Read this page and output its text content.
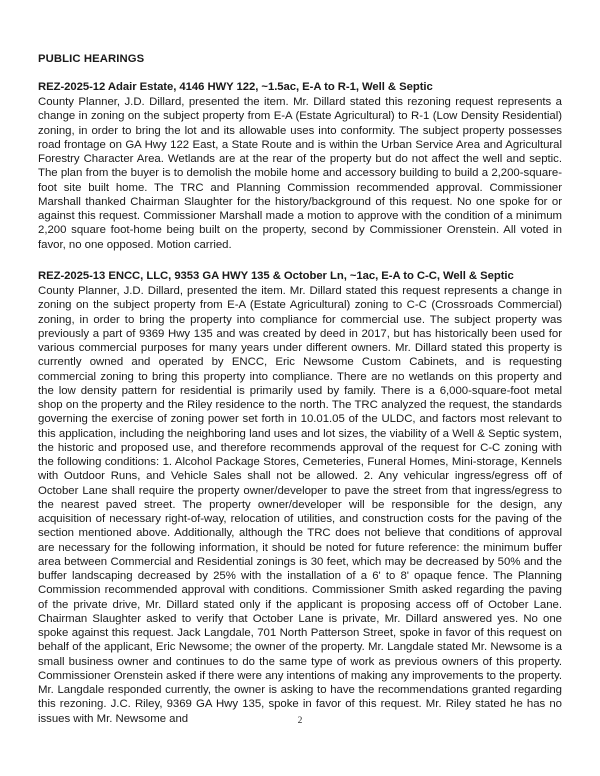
PUBLIC HEARINGS
REZ-2025-12 Adair Estate, 4146 HWY 122, ~1.5ac, E-A to R-1, Well & Septic

County Planner, J.D. Dillard, presented the item. Mr. Dillard stated this rezoning request represents a change in zoning on the subject property from E-A (Estate Agricultural) to R-1 (Low Density Residential) zoning, in order to bring the lot and its allowable uses into conformity. The subject property possesses road frontage on GA Hwy 122 East, a State Route and is within the Urban Service Area and Agricultural Forestry Character Area. Wetlands are at the rear of the property but do not affect the well and septic. The plan from the buyer is to demolish the mobile home and accessory building to build a 2,200-square-foot site built home. The TRC and Planning Commission recommended approval. Commissioner Marshall thanked Chairman Slaughter for the history/background of this request. No one spoke for or against this request. Commissioner Marshall made a motion to approve with the condition of a minimum 2,200 square foot-home being built on the property, second by Commissioner Orenstein. All voted in favor, no one opposed. Motion carried.

REZ-2025-13 ENCC, LLC, 9353 GA HWY 135 & October Ln, ~1ac, E-A to C-C, Well & Septic

County Planner, J.D. Dillard, presented the item. Mr. Dillard stated this request represents a change in zoning on the subject property from E-A (Estate Agricultural) zoning to C-C (Crossroads Commercial) zoning, in order to bring the property into compliance for commercial use. The subject property was previously a part of 9369 Hwy 135 and was created by deed in 2017, but has historically been used for various commercial purposes for many years under different owners. Mr. Dillard stated this property is currently owned and operated by ENCC, Eric Newsome Custom Cabinets, and is requesting commercial zoning to bring this property into compliance. There are no wetlands on this property and the low density pattern for residential is primarily used by family. There is a 6,000-square-foot metal shop on the property and the Riley residence to the north. The TRC analyzed the request, the standards governing the exercise of zoning power set forth in 10.01.05 of the ULDC, and factors most relevant to this application, including the neighboring land uses and lot sizes, the viability of a Well & Septic system, the historic and proposed use, and therefore recommends approval of the request for C-C zoning with the following conditions: 1. Alcohol Package Stores, Cemeteries, Funeral Homes, Mini-storage, Kennels with Outdoor Runs, and Vehicle Sales shall not be allowed. 2. Any vehicular ingress/egress off of October Lane shall require the property owner/developer to pave the street from that ingress/egress to the nearest paved street. The property owner/developer will be responsible for the design, any acquisition of necessary right-of-way, relocation of utilities, and construction costs for the paving of the section mentioned above. Additionally, although the TRC does not believe that conditions of approval are necessary for the following information, it should be noted for future reference: the minimum buffer area between Commercial and Residential zonings is 30 feet, which may be decreased by 50% and the buffer landscaping decreased by 25% with the installation of a 6' to 8' opaque fence. The Planning Commission recommended approval with conditions. Commissioner Smith asked regarding the paving of the private drive, Mr. Dillard stated only if the applicant is proposing access off of October Lane. Chairman Slaughter asked to verify that October Lane is private, Mr. Dillard answered yes. No one spoke against this request. Jack Langdale, 701 North Patterson Street, spoke in favor of this request on behalf of the applicant, Eric Newsome; the owner of the property. Mr. Langdale stated Mr. Newsome is a small business owner and continues to do the same type of work as previous owners of this property. Commissioner Orenstein asked if there were any intentions of making any improvements to the property. Mr. Langdale responded currently, the owner is asking to have the recommendations granted regarding this rezoning. J.C. Riley, 9369 GA Hwy 135, spoke in favor of this request. Mr. Riley stated he has no issues with Mr. Newsome and	2
